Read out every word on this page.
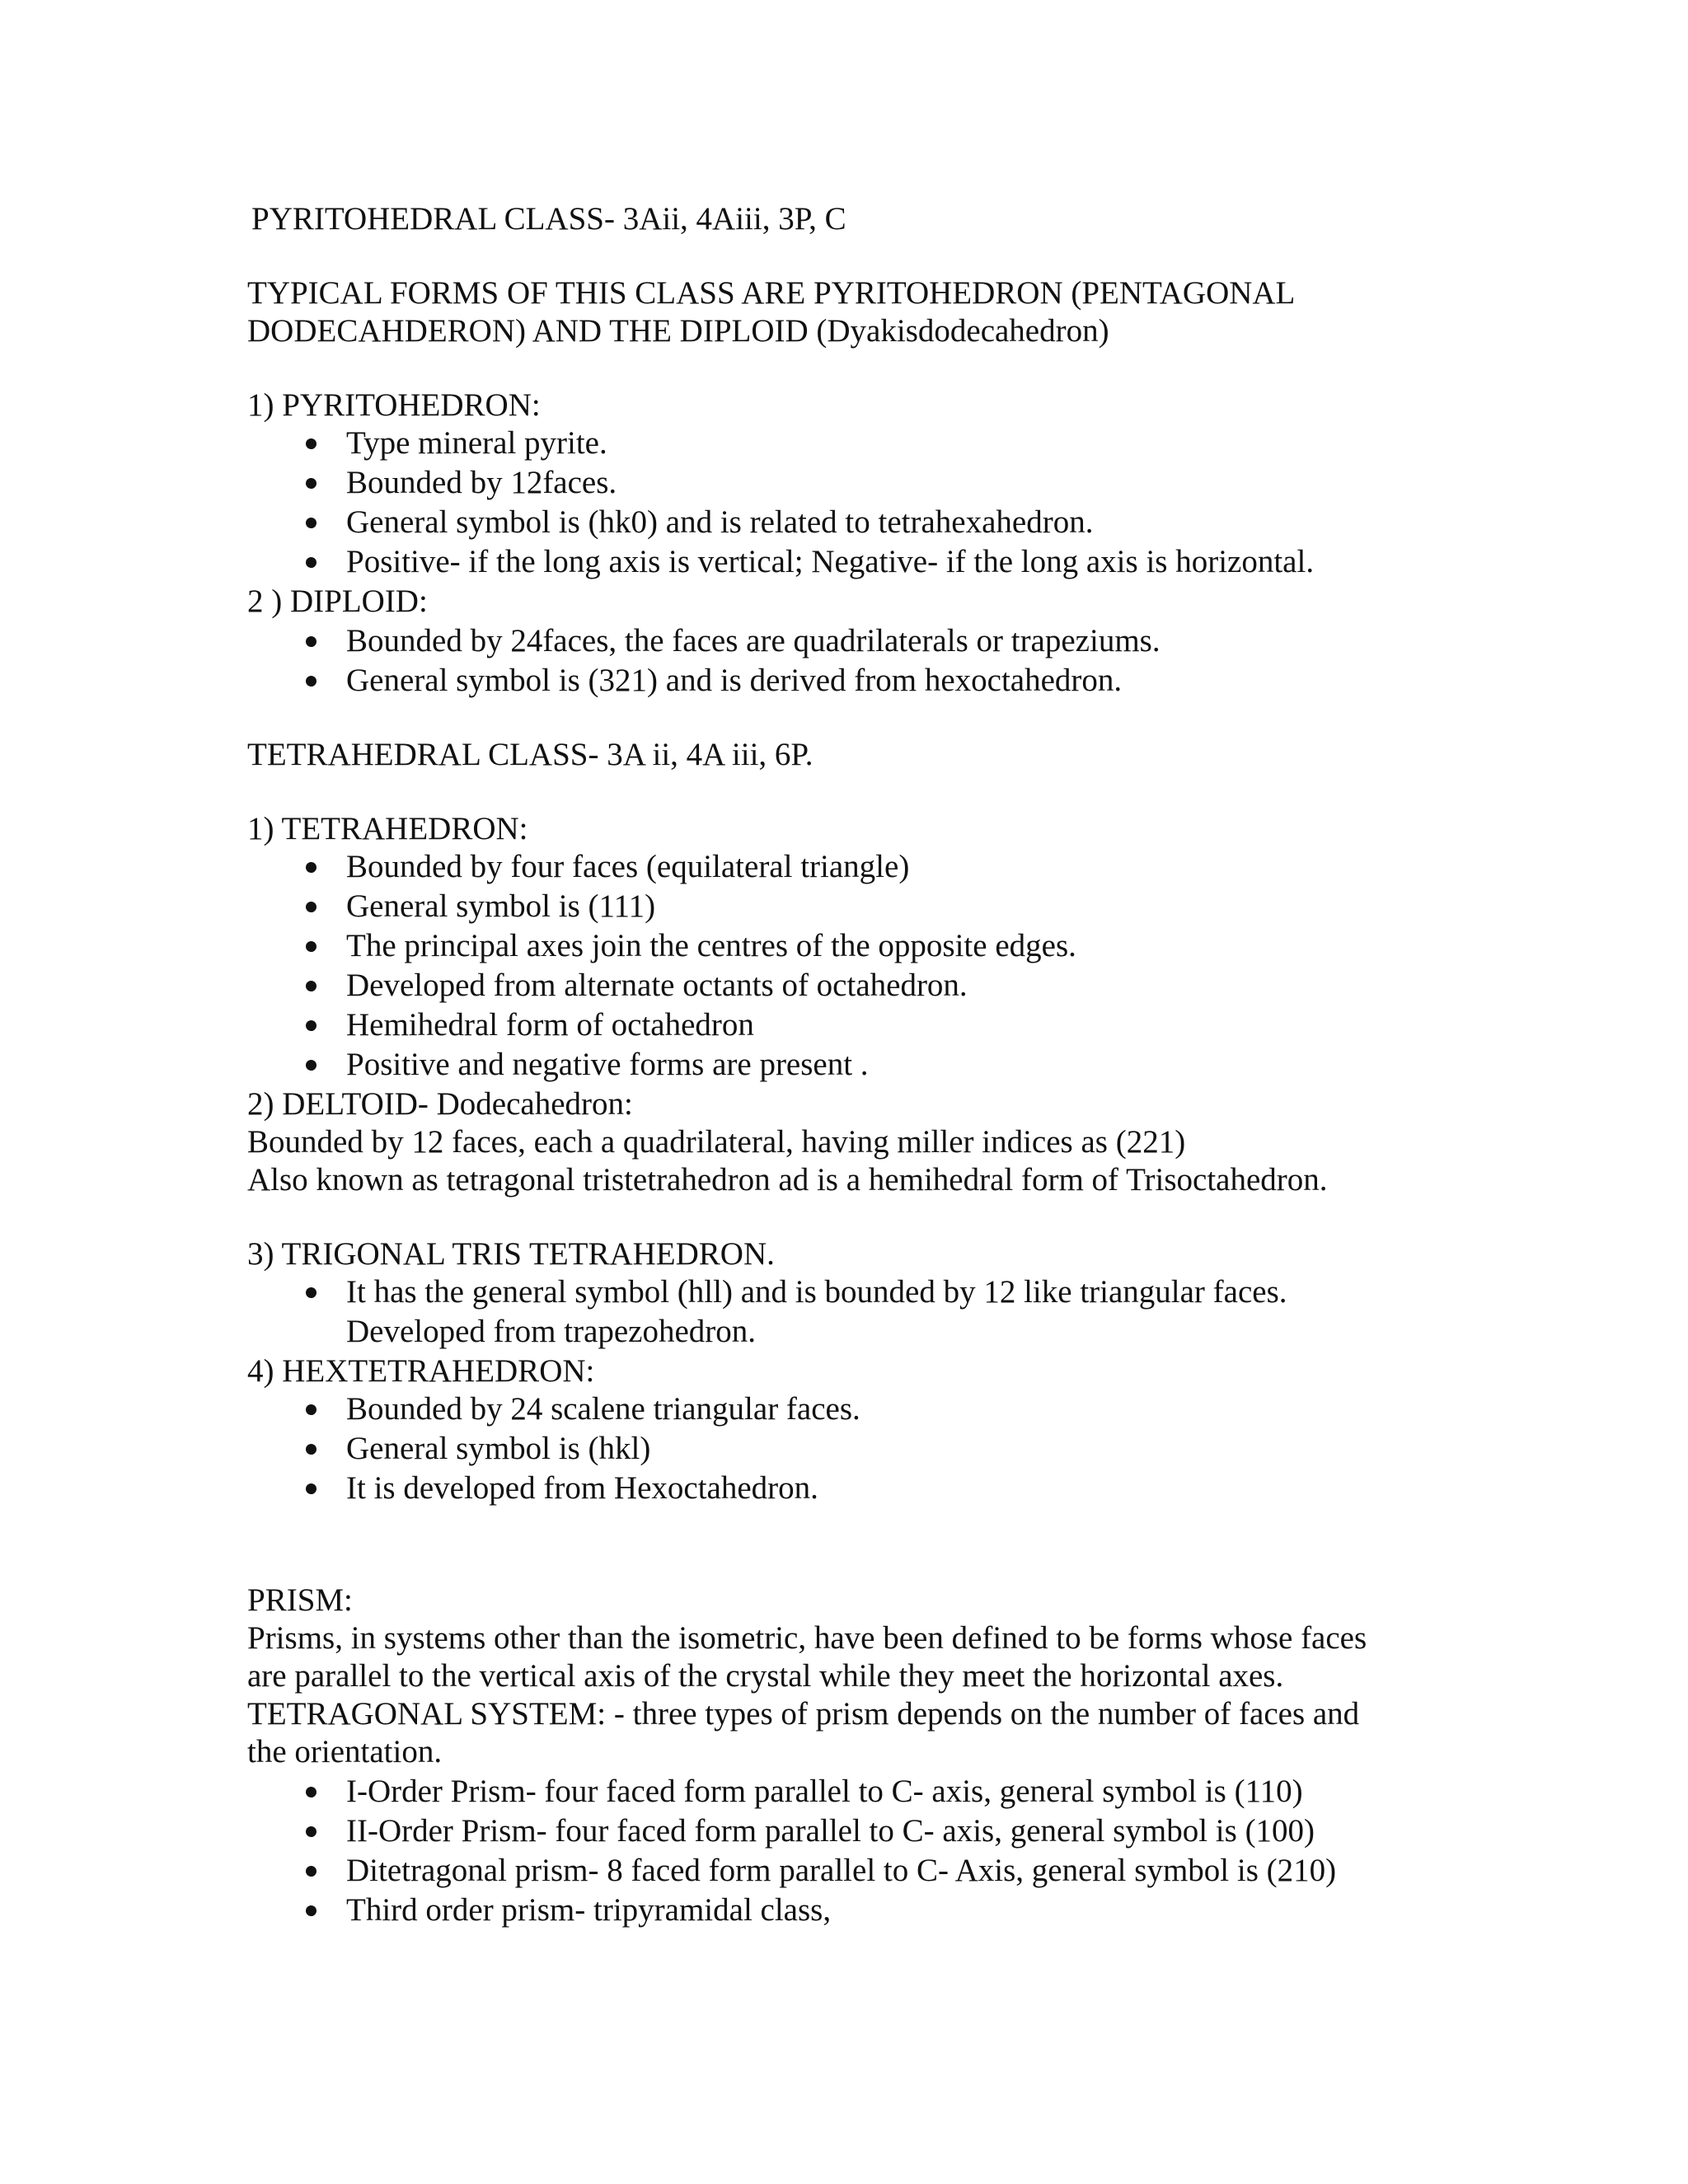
PYRITOHEDRAL CLASS- 3Aii, 4Aiii, 3P, C
TYPICAL FORMS OF THIS CLASS ARE PYRITOHEDRON (PENTAGONAL
DODECAHDERON) AND THE DIPLOID (Dyakisdodecahedron)
1) PYRITOHEDRON:
Type mineral pyrite.
Bounded by 12faces.
General symbol is (hk0) and is related to tetrahexahedron.
Positive- if the long axis is vertical; Negative- if the long axis is horizontal.
2 ) DIPLOID:
Bounded by 24faces, the faces are quadrilaterals or trapeziums.
General symbol is (321) and is derived from hexoctahedron.
TETRAHEDRAL CLASS- 3A ii, 4A iii, 6P.
1) TETRAHEDRON:
Bounded by four faces (equilateral triangle)
General symbol is (111)
The principal axes join the centres of the opposite edges.
Developed from alternate octants of octahedron.
Hemihedral form of octahedron
Positive and negative forms are present .
2) DELTOID- Dodecahedron:
Bounded by 12 faces, each a quadrilateral, having miller indices as (221)
Also known as tetragonal tristetrahedron ad is a hemihedral form of Trisoctahedron.
3) TRIGONAL TRIS TETRAHEDRON.
It has the general symbol (hll) and is bounded by 12 like triangular faces.
Developed from trapezohedron.
4) HEXTETRAHEDRON:
Bounded by 24 scalene triangular faces.
General symbol is (hkl)
It is developed from Hexoctahedron.
PRISM:
Prisms, in systems other than the isometric, have been defined to be forms whose faces
are parallel to the vertical axis of the crystal while they meet the horizontal axes.
TETRAGONAL SYSTEM: - three types of prism depends on the number of faces and
the orientation.
I-Order Prism- four faced form parallel to C- axis, general symbol is (110)
II-Order Prism- four faced form parallel to C- axis, general symbol is (100)
Ditetragonal prism- 8 faced form parallel to C- Axis, general symbol is (210)
Third order prism- tripyramidal class,
